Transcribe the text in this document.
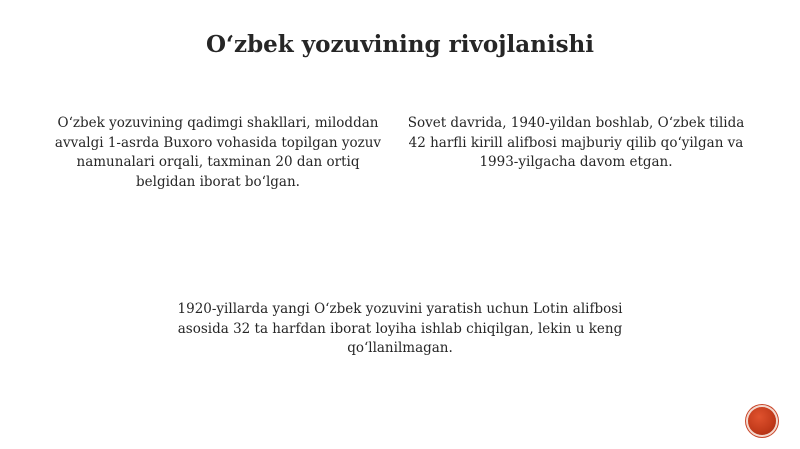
O‘zbek yozuvining rivojlanishi

O‘zbek yozuvining qadimgi shakllari, miloddan avvalgi 1-asrda Buxoro vohasida topilgan yozuv namunalari orqali, taxminan 20 dan ortiq belgidan iborat bo‘lgan.

Sovet davrida, 1940-yildan boshlab, O‘zbek tilida 42 harfli kirill alifbosi majburiy qilib qo‘yilgan va 1993-yilgacha davom etgan.

1920-yillarda yangi O‘zbek yozuvini yaratish uchun Lotin alifbosi asosida 32 ta harfdan iborat loyiha ishlab chiqilgan, lekin u keng qo‘llanilmagan.
